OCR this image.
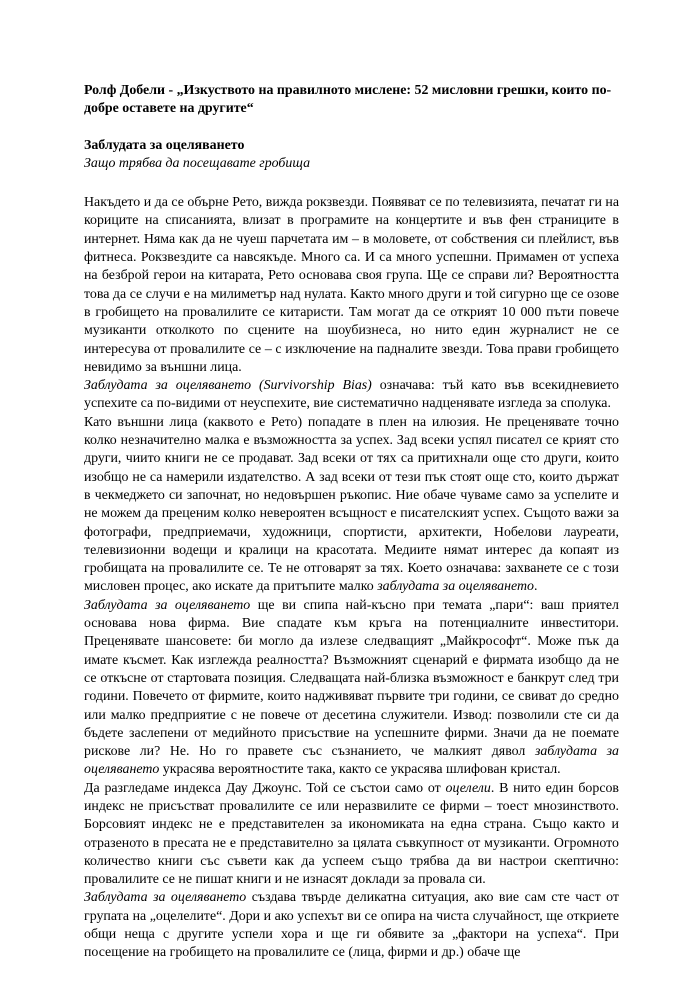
Ролф Добели - „Изкуството на правилното мислене: 52 мисловни грешки, които по-добре оставете на другите“

Заблудата за оцеляването

Защо трябва да посещавате гробища

Накъдето и да се обърне Рето, вижда рокзвезди. Появяват се по телевизията, печатат ги на кориците на списанията, влизат в програмите на концертите и във фен страниците в интернет. Няма как да не чуеш парчетата им – в моловете, от собствения си плейлист, във фитнеса. Рокзвездите са навсякъде. Много са. И са много успешни. Примамен от успеха на безброй герои на китарата, Рето основава своя група. Ще се справи ли? Вероятността това да се случи е на милиметър над нулата. Както много други и той сигурно ще се озове в гробището на провалилите се китаристи. Там могат да се открият 10 000 пъти повече музиканти отколкото по сцените на шоубизнеса, но нито един журналист не се интересува от провалилите се – с изключение на падналите звезди. Това прави гробището невидимо за външни лица.

Заблудата за оцеляването (Survivorship Bias) означава: тъй като във всекидневието успехите са по-видими от неуспехите, вие систематично надценявате изгледа за сполука.

Като външни лица (каквото е Рето) попадате в плен на илюзия. Не преценявате точно колко незначително малка е възможността за успех. Зад всеки успял писател се крият сто други, чиито книги не се продават. Зад всеки от тях са притихнали още сто други, които изобщо не са намерили издателство. А зад всеки от тези пък стоят още сто, които държат в чекмеджето си започнат, но недовършен ръкопис. Ние обаче чуваме само за успелите и не можем да преценим колко невероятен всъщност е писателският успех. Същото важи за фотографи, предприемачи, художници, спортисти, архитекти, Нобелови лауреати, телевизионни водещи и кралици на красотата. Медиите нямат интерес да копаят из гробищата на провалилите се. Те не отговарят за тях. Което означава: захванете се с този мисловен процес, ако искате да притъпите малко заблудата за оцеляването.

Заблудата за оцеляването ще ви спипа най-късно при темата „пари“: ваш приятел основава нова фирма. Вие спадате към кръга на потенциалните инвеститори. Преценявате шансовете: би могло да излезе следващият „Майкрософт“. Може пък да имате късмет. Как изглежда реалността? Възможният сценарий е фирмата изобщо да не се откъсне от стартовата позиция. Следващата най-близка възможност е банкрут след три години. Повечето от фирмите, които надживяват първите три години, се свиват до средно или малко предприятие с не повече от десетина служители. Извод: позволили сте си да бъдете заслепени от медийното присъствие на успешните фирми. Значи да не поемате рискове ли? Не. Но го правете със съзнанието, че малкият дявол заблудата за оцеляването украсява вероятностите така, както се украсява шлифован кристал.

Да разгледаме индекса Дау Джоунс. Той се състои само от оцелели. В нито един борсов индекс не присъстват провалилите се или неразвилите се фирми – тоест мнозинството. Борсовият индекс не е представителен за икономиката на една страна. Също както и отразеното в пресата не е представително за цялата съвкупност от музиканти. Огромното количество книги със съвети как да успеем също трябва да ви настрои скептично: провалилите се не пишат книги и не изнасят доклади за провала си.

Заблудата за оцеляването създава твърде деликатна ситуация, ако вие сам сте част от групата на „оцелелите“. Дори и ако успехът ви се опира на чиста случайност, ще откриете общи неща с другите успели хора и ще ги обявите за „фактори на успеха“. При посещение на гробището на провалилите се (лица, фирми и др.) обаче ще
